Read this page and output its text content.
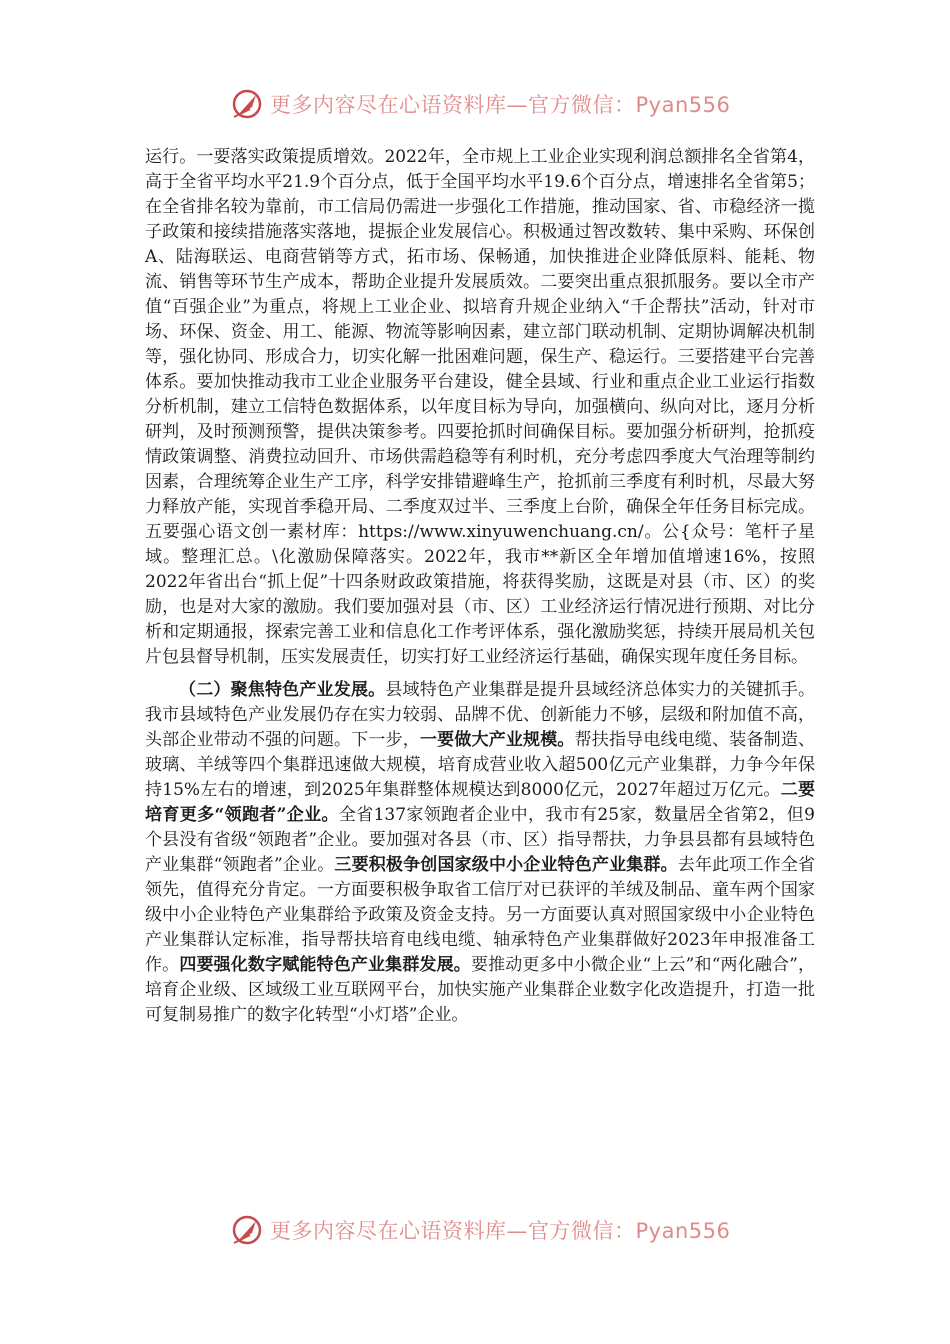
更多内容尽在心语资料库—官方微信：Pyan556

运行。一要落实政策提质增效。2022年，全市规上工业企业实现利润总额排名全省第4，高于全省平均水平21.9个百分点，低于全国平均水平19.6个百分点，增速排名全省第5；在全省排名较为靠前，市工信局仍需进一步强化工作措施，推动国家、省、市稳经济一揽子政策和接续措施落实落地，提振企业发展信心。积极通过智改数转、集中采购、环保创A、陆海联运、电商营销等方式，拓市场、保畅通，加快推进企业降低原料、能耗、物流、销售等环节生产成本，帮助企业提升发展质效。二要突出重点狠抓服务。要以全市产值“百强企业”为重点，将规上工业企业、拟培育升规企业纳入“千企帮扶”活动，针对市场、环保、资金、用工、能源、物流等影响因素，建立部门联动机制、定期协调解决机制等，强化协同、形成合力，切实化解一批困难问题，保生产、稳运行。三要搭建平台完善体系。要加快推动我市工业企业服务平台建设，健全县域、行业和重点企业工业运行指数分析机制，建立工信特色数据体系，以年度目标为导向，加强横向、纵向对比，逐月分析研判，及时预测预警，提供决策参考。四要抢抓时间确保目标。要加强分析研判，抢抓疫情政策调整、消费拉动回升、市场供需趋稳等有利时机，充分考虑四季度大气治理等制约因素，合理统筹企业生产工序，科学安排错避峰生产，抢抓前三季度有利时机，尽最大努力释放产能，实现首季稳开局、二季度双过半、三季度上台阶，确保全年任务目标完成。五要强心语文创一素材库：https://www.xinyuwenchuang.cn/。公{众号：笔杆子星域。整理汇总。\化激励保障落实。2022年，我市**新区全年增加值增速16%，按照2022年省出台“抓上促”十四条财政政策措施，将获得奖励，这既是对县（市、区）的奖励，也是对大家的激励。我们要加强对县（市、区）工业经济运行情况进行预期、对比分析和定期通报，探索完善工业和信息化工作考评体系，强化激励奖惩，持续开展局机关包片包县督导机制，压实发展责任，切实打好工业经济运行基础，确保实现年度任务目标。

（二）聚焦特色产业发展。县域特色产业集群是提升县域经济总体实力的关键抓手。我市县域特色产业发展仍存在实力较弱、品牌不优、创新能力不够，层级和附加值不高，头部企业带动不强的问题。下一步，一要做大产业规模。帮扶指导电线电缆、装备制造、玻璃、羊绒等四个集群迅速做大规模，培育成营业收入超500亿元产业集群，力争今年保持15%左右的增速，到2025年集群整体规模达到8000亿元，2027年超过万亿元。二要培育更多“领跑者”企业。全省137家领跑者企业中，我市有25家，数量居全省第2，但9个县没有省级“领跑者”企业。要加强对各县（市、区）指导帮扶，力争县县都有县域特色产业集群“领跑者”企业。三要积极争创国家级中小企业特色产业集群。去年此项工作全省领先，值得充分肯定。一方面要积极争取省工信厅对已获评的羊绒及制品、童车两个国家级中小企业特色产业集群给予政策及资金支持。另一方面要认真对照国家级中小企业特色产业集群认定标准，指导帮扶培育电线电缆、轴承特色产业集群做好2023年申报准备工作。四要强化数字赋能特色产业集群发展。要推动更多中小微企业“上云”和“两化融合”，培育企业级、区域级工业互联网平台，加快实施产业集群企业数字化改造提升，打造一批可复制易推广的数字化转型“小灯塔”企业。

更多内容尽在心语资料库—官方微信：Pyan556
